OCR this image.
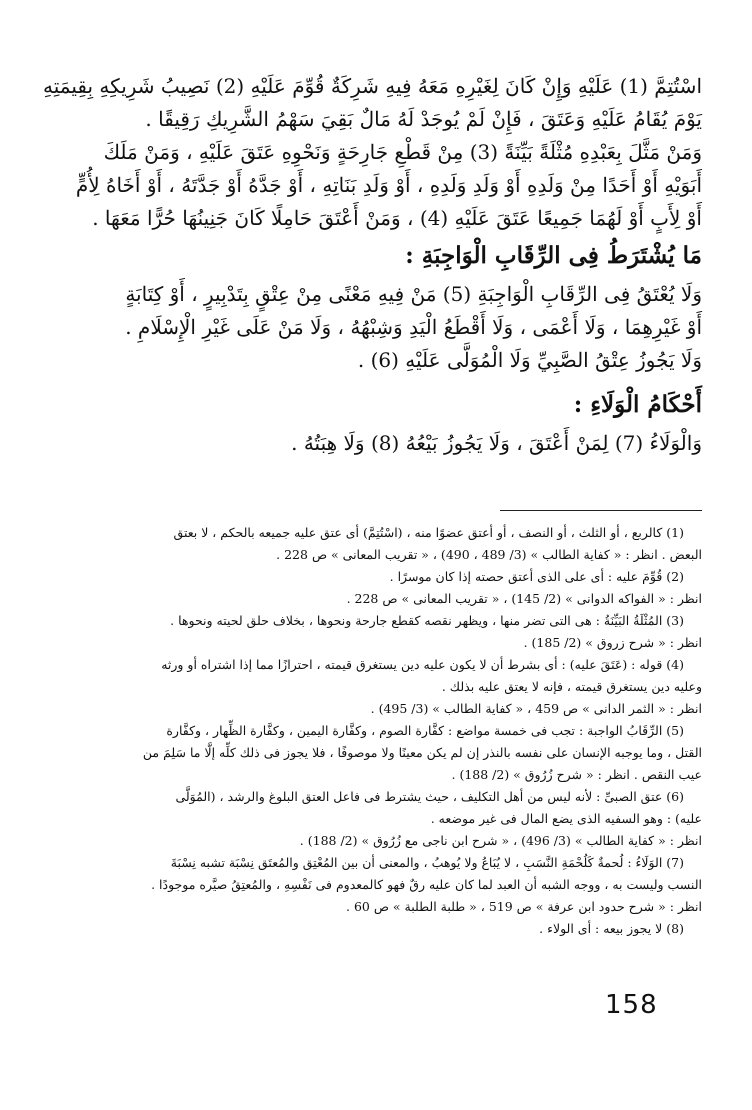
اسْتُتِمَّ (1) عَلَيْهِ وَإِنْ كَانَ لِغَيْرِهِ مَعَهُ فِيهِ شَرِكَةٌ قُوِّمَ عَلَيْهِ (2) نَصِيبُ شَرِيكِهِ بِقِيمَتِهِ
يَوْمَ يُقَامُ عَلَيْهِ وَعَتَقَ ، فَإِنْ لَمْ يُوجَدْ لَهُ مَالٌ بَقِيَ سَهْمُ الشَّرِيكِ رَقِيقًا .
وَمَنْ مَثَّلَ بِعَبْدِهِ مُثْلَةً بَيِّنَةً (3) مِنْ قَطْعِ جَارِحَةٍ وَنَحْوِهِ عَتَقَ عَلَيْهِ ، وَمَنْ مَلَكَ
أَبَوَيْهِ أَوْ أَحَدًا مِنْ وَلَدِهِ أَوْ وَلَدِ وَلَدِهِ ، أَوْ وَلَدِ بَنَاتِهِ ، أَوْ جَدَّهُ أَوْ جَدَّتَهُ ، أَوْ أَخَاهُ لِأُمٍّ
أَوْ لِأَبٍ أَوْ لَهُمَا جَمِيعًا عَتَقَ عَلَيْهِ (4) ، وَمَنْ أَعْتَقَ حَامِلًا كَانَ جَنِينُهَا حُرًّا مَعَهَا .
مَا يُشْتَرَطُ فِى الرِّقَابِ الْوَاجِبَةِ :
وَلَا يُعْتَقُ فِى الرِّقَابِ الْوَاجِبَةِ (5) مَنْ فِيهِ مَعْنًى مِنْ عِتْقٍ بِتَدْبِيرٍ ، أَوْ كِتَابَةٍ
أَوْ غَيْرِهِمَا ، وَلَا أَعْمَى ، وَلَا أَقْطَعُ الْيَدِ وَشِبْهُهُ ، وَلَا مَنْ عَلَى غَيْرِ الْإِسْلَامِ .
وَلَا يَجُوزُ عِتْقُ الصَّبِيِّ وَلَا الْمُوَلَّى عَلَيْهِ (6) .
أَحْكَامُ الْوَلَاءِ :
وَالْوَلَاءُ (7) لِمَنْ أَعْتَقَ ، وَلَا يَجُوزُ بَيْعُهُ (8) وَلَا هِبَتُهُ .
(1) كالربع ، أو الثلث ، أو النصف ، أو أعتق عضوًا منه ، (اسْتُتِمَّ) أى عتق عليه جميعه بالحكم ، لا بعتق
البعض . انظر : « كفاية الطالب » (3/ 489 ، 490) ، « تقريب المعانى » ص 228 .
(2) قُوِّمَ عليه : أى على الذى أعتق حصته إذا كان موسرًا .
انظر : « الفواكه الدوانى » (2/ 145) ، « تقريب المعانى » ص 228 .
(3) المُثْلَةُ البَيِّنَةُ : هى التى تضر منها ، ويظهر نقصه كقطع جارحة ونحوها ، بخلاف حلق لحيته ونحوها .
انظر : « شرح زروق » (2/ 185) .
(4) قوله : (عَتَقَ عليه) : أى بشرط أن لا يكون عليه دين يستغرق قيمته ، احترازًا مما إذا اشتراه أو ورثه
وعليه دين يستغرق قيمته ، فإنه لا يعتق عليه بذلك .
انظر : « الثمر الدانى » ص 459 ، « كفاية الطالب » (3/ 495) .
(5) الرِّقَابُ الواجبة : تجب فى خمسة مواضع : كفَّارة الصوم ، وكفَّارة اليمين ، وكفَّارة الظِّهار ، وكفَّارة
القتل ، وما يوجبه الإنسان على نفسه بالنذر إن لم يكن معينًا ولا موصوفًا ، فلا يجوز فى ذلك كلِّه إلَّا ما سَلِمَ من
عيب النقص . انظر : « شرح زُرُوق » (2/ 188) .
(6) عتق الصبىِّ : لأنه ليس من أهل التكليف ، حيث يشترط فى فاعل العتق البلوغ والرشد ، (المُوَلَّى
عليه) : وهو السفيه الذى يضع المال فى غير موضعه .
انظر : « كفاية الطالب » (3/ 496) ، « شرح ابن ناجى مع زُرُوق » (2/ 188) .
(7) الوَلَاءُ : لُحمةٌ كَلُحْمَةِ النَّسَبِ ، لا يُبَاعُ ولا يُوهبُ ، والمعنى أن بين المُعْتِق والمُعتَق نِسْبَة تشبه نِسْبَةَ
النسب وليست به ، ووجه الشبه أن العبد لما كان عليه رقٌ فهو كالمعدوم فى نَفْسِهِ ، والمُعتِقُ صيَّره موجودًا .
انظر : « شرح حدود ابن عرفة » ص 519 ، « طلبة الطلبة » ص 60 .
(8) لا يجوز بيعه : أى الولاء .
158
